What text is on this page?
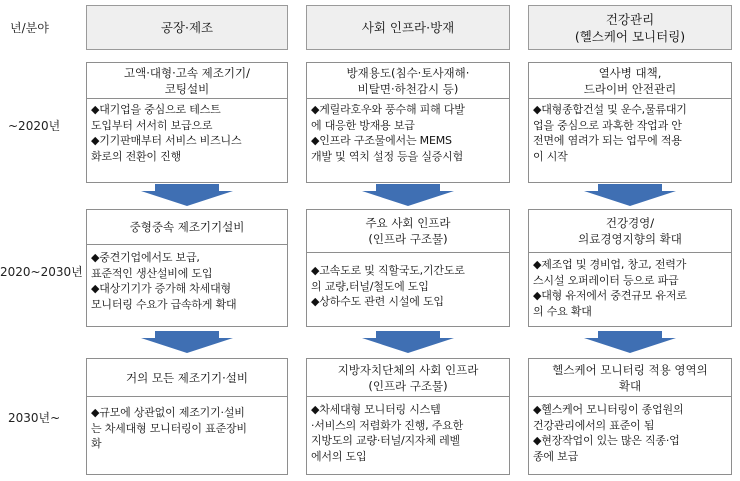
년/분야
~2020년
2020~2030년
2030년~
공장·제조	사회 인프라·방재
건강관리
(헬스케어 모니터링)
고액·대형·고속 제조기기/
코팅설비
◆대기업을 중심으로 테스트
도입부터 서서히 보급으로
◆기기판매부터 서비스 비즈니스
화로의 전환이 진행
방재용도(침수·토사재해·
비탈면·하천감시 등)
◆게릴라호우와 풍수해 피해 다발
에 대응한 방재용 보급
◆인프라 구조물에서는 MEMS
개발 및 역치 설정 등을 실증시험
열사병 대책,
드라이버 안전관리
◆대형종합건설 및 운수,물류대기
업을 중심으로 과혹한 작업과 안
전면에 염려가 되는 업무에 적용
이 시작
중형중속 제조기기설비
◆중견기업에서도 보급,
표준적인 생산설비에 도입
◆대상기기가 증가해 차세대형
모니터링 수요가 급속하게 확대
주요 사회 인프라
(인프라 구조물)
◆고속도로 및 직할국도,기간도로
의 교량,터널/철도에 도입
◆상하수도 관련 시설에 도입
건강경영/
의료경영지향의 확대
◆제조업 및 경비업, 창고, 전력가
스시설 오퍼레이터 등으로 파급
◆대형 유저에서 중견규모 유저로
의 수요 확대
거의 모든 제조기기·설비
◆규모에 상관없이 제조기기·설비
는 차세대형 모니터링이 표준장비
화
지방자치단체의 사회 인프라
(인프라 구조물)
◆차세대형 모니터링 시스템
·서비스의 저렴화가 진행, 주요한
지방도의 교량·터널/지자체 레벨
에서의 도입
헬스케어 모니터링 적용 영역의
확대
◆헬스케어 모니터링이 종업원의
건강관리에서의 표준이 됨
◆현장작업이 있는 많은 직종·업
종에 보급
